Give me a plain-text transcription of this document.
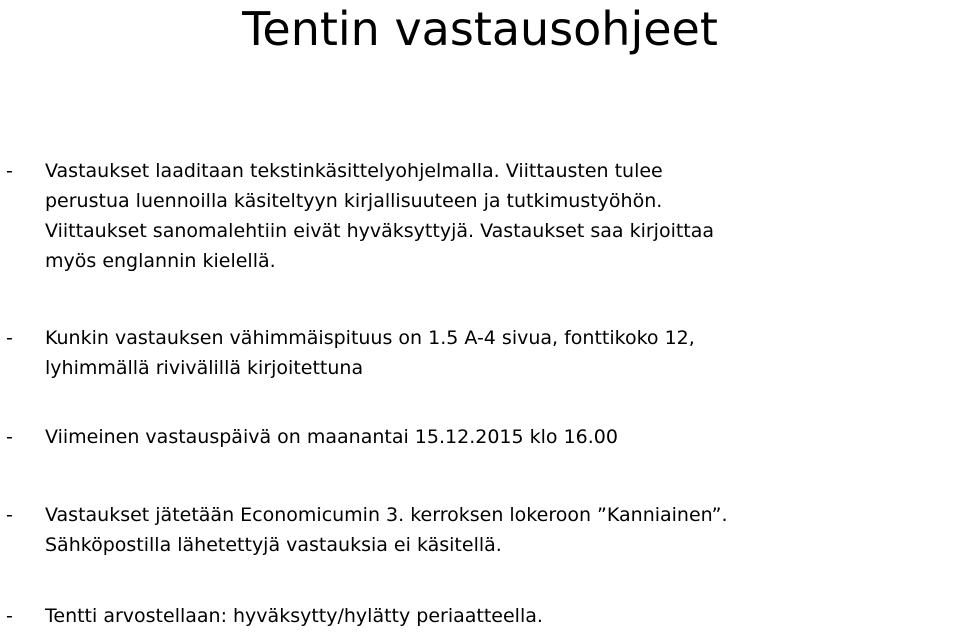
Tentin vastausohjeet
- Vastaukset laaditaan tekstinkäsittelyohjelmalla. Viittausten tulee
perustua luennoilla käsiteltyyn kirjallisuuteen ja tutkimustyöhön.
Viittaukset sanomalehtiin eivät hyväksyttyjä. Vastaukset saa kirjoittaa
myös englannin kielellä.

- Kunkin vastauksen vähimmäispituus on 1.5 A-4 sivua, fonttikoko 12,
lyhimmällä rivivälillä kirjoitettuna

- Viimeinen vastauspäivä on maanantai 15.12.2015 klo 16.00

- Vastaukset jätetään Economicumin 3. kerroksen lokeroon ”Kanniainen”.
Sähköpostilla lähetettyjä vastauksia ei käsitellä.

- Tentti arvostellaan: hyväksytty/hylätty periaatteella.
